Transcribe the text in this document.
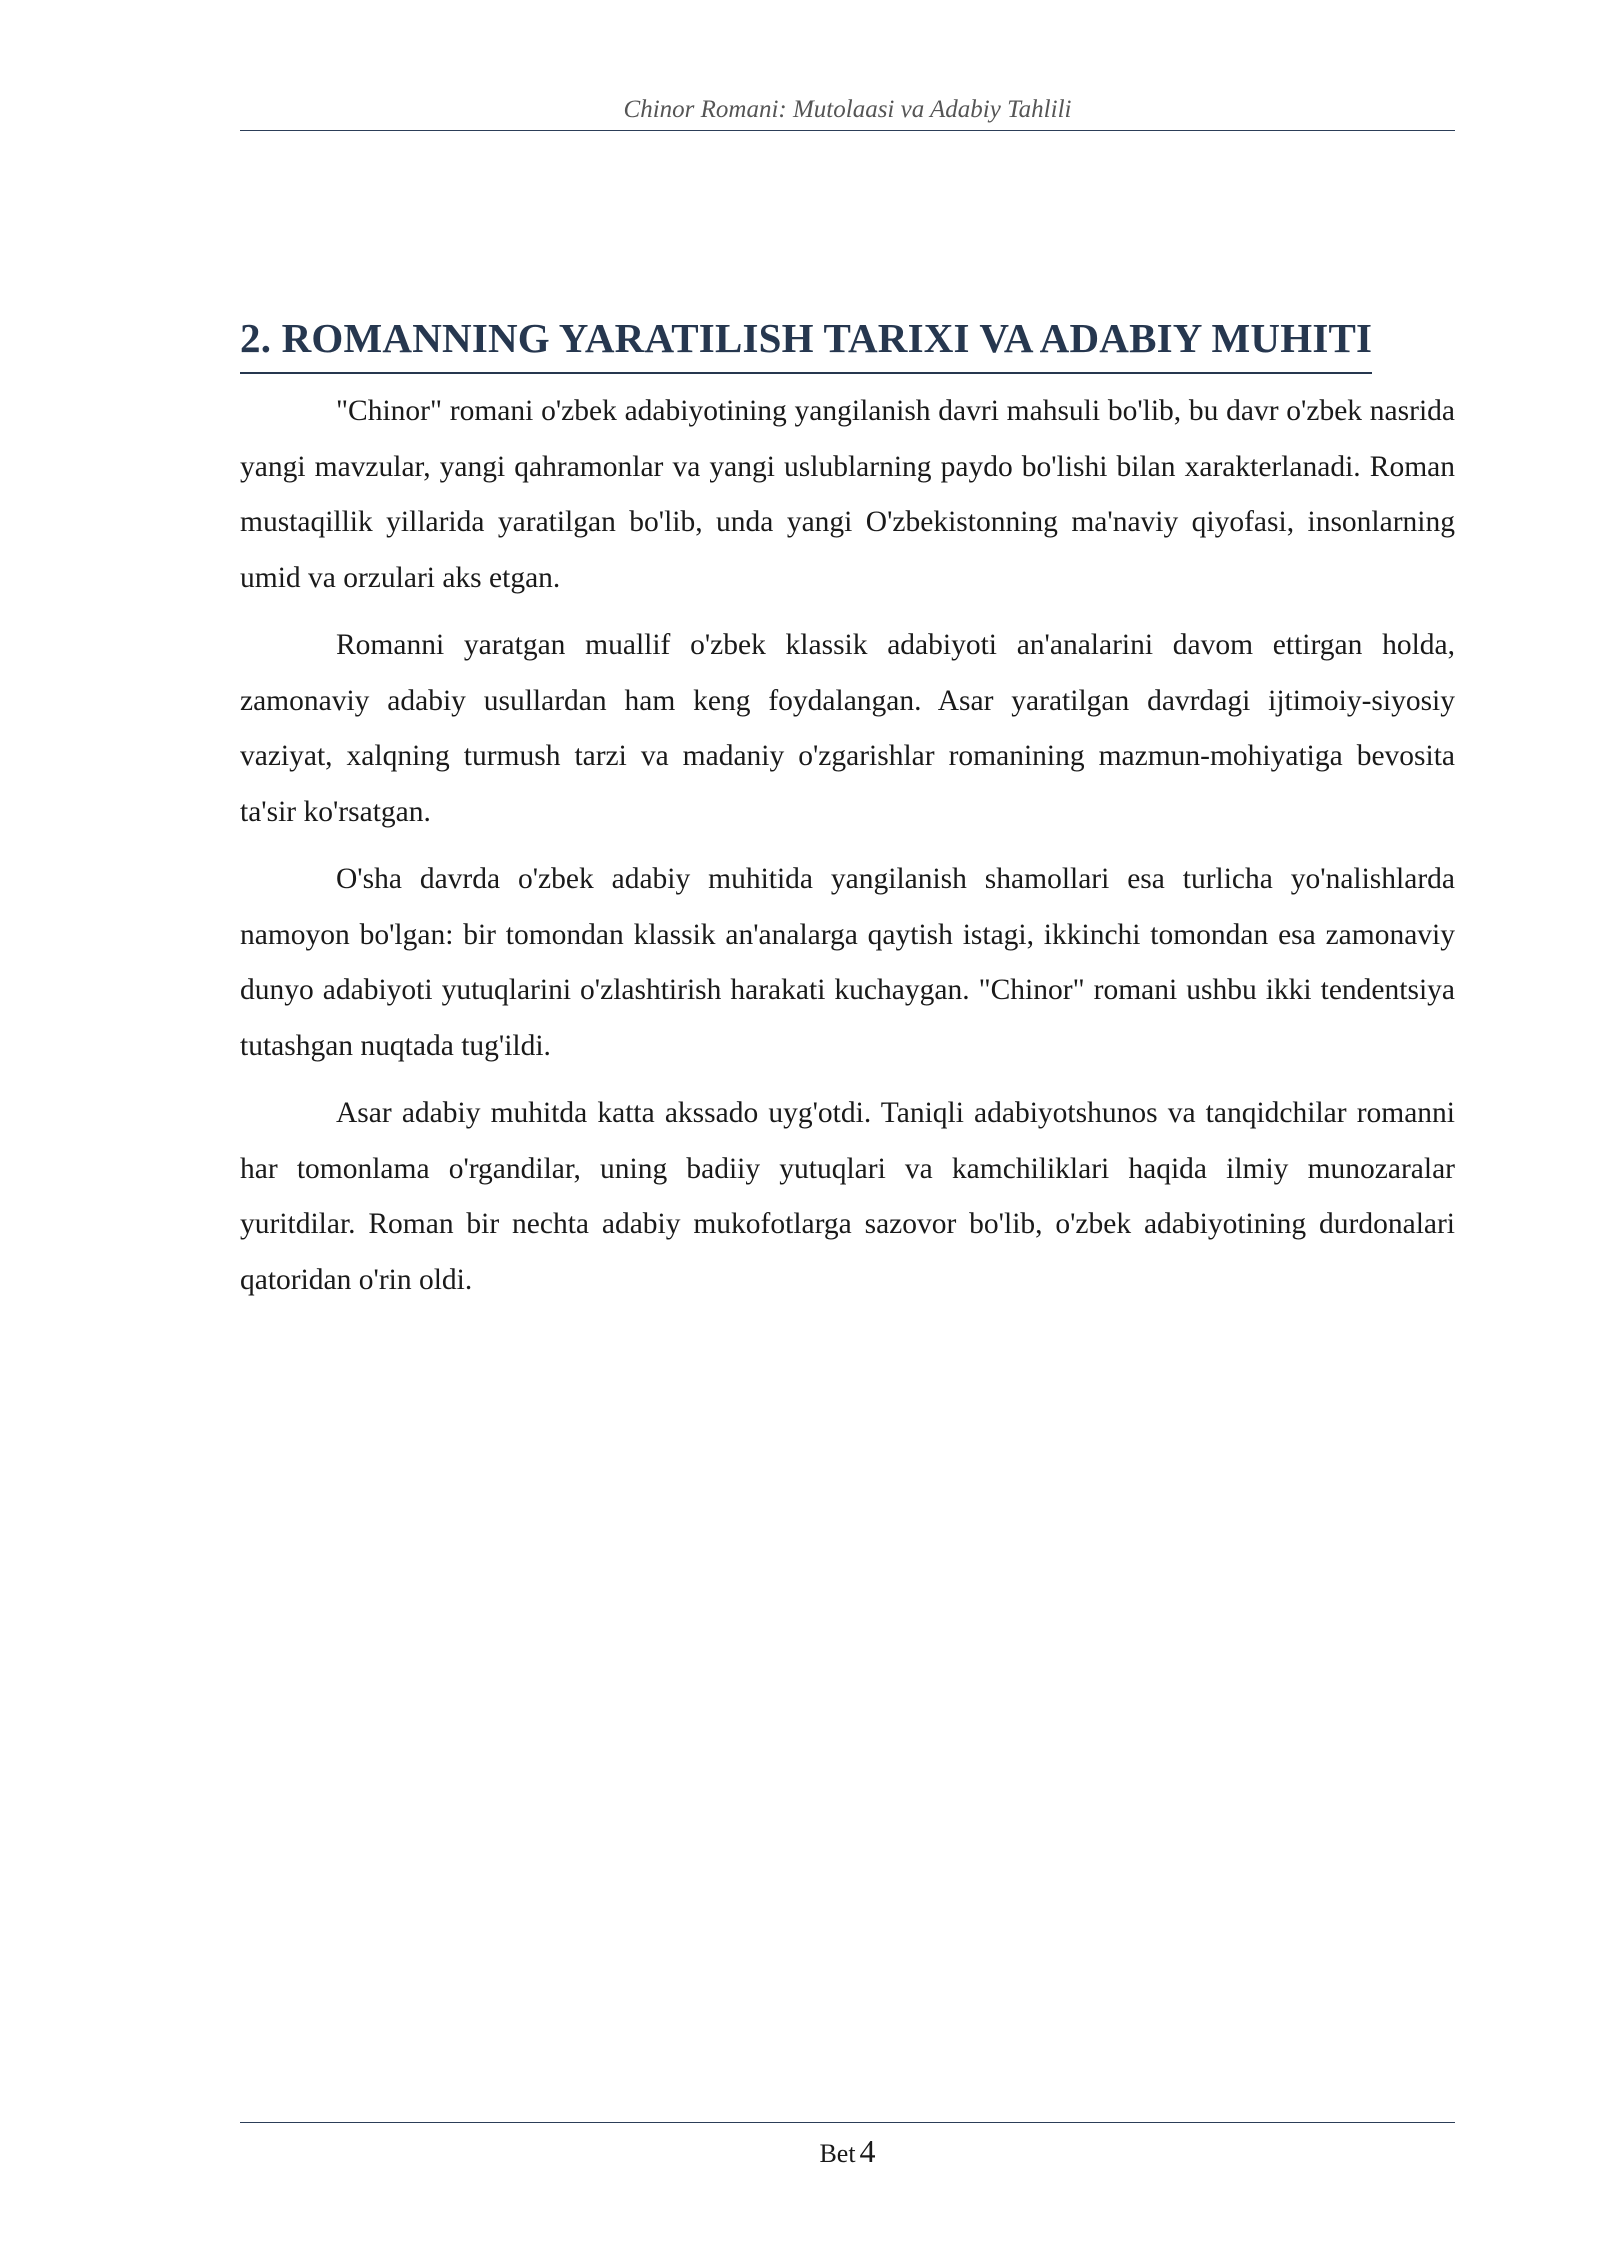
Chinor Romani: Mutolaasi va Adabiy Tahlili
2. ROMANNING YARATILISH TARIXI VA ADABIY MUHITI

"Chinor" romani o'zbek adabiyotining yangilanish davri mahsuli bo'lib, bu davr o'zbek nasrida yangi mavzular, yangi qahramonlar va yangi uslublarning paydo bo'lishi bilan xarakterlanadi. Roman mustaqillik yillarida yaratilgan bo'lib, unda yangi O'zbekistonning ma'naviy qiyofasi, insonlarning umid va orzulari aks etgan.

Romanni yaratgan muallif o'zbek klassik adabiyoti an'analarini davom ettirgan holda, zamonaviy adabiy usullardan ham keng foydalangan. Asar yaratilgan davrdagi ijtimoiy-siyosiy vaziyat, xalqning turmush tarzi va madaniy o'zgarishlar romanining mazmun-mohiyatiga bevosita ta'sir ko'rsatgan.

O'sha davrda o'zbek adabiy muhitida yangilanish shamollari esa turlicha yo'nalishlarda namoyon bo'lgan: bir tomondan klassik an'analarga qaytish istagi, ikkinchi tomondan esa zamonaviy dunyo adabiyoti yutuqlarini o'zlashtirish harakati kuchaygan. "Chinor" romani ushbu ikki tendentsiya tutashgan nuqtada tug'ildi.

Asar adabiy muhitda katta akssado uyg'otdi. Taniqli adabiyotshunos va tanqidchilar romanni har tomonlama o'rgandilar, uning badiiy yutuqlari va kamchiliklari haqida ilmiy munozaralar yuritdilar. Roman bir nechta adabiy mukofotlarga sazovor bo'lib, o'zbek adabiyotining durdonalari qatoridan o'rin oldi.

Bet 4
